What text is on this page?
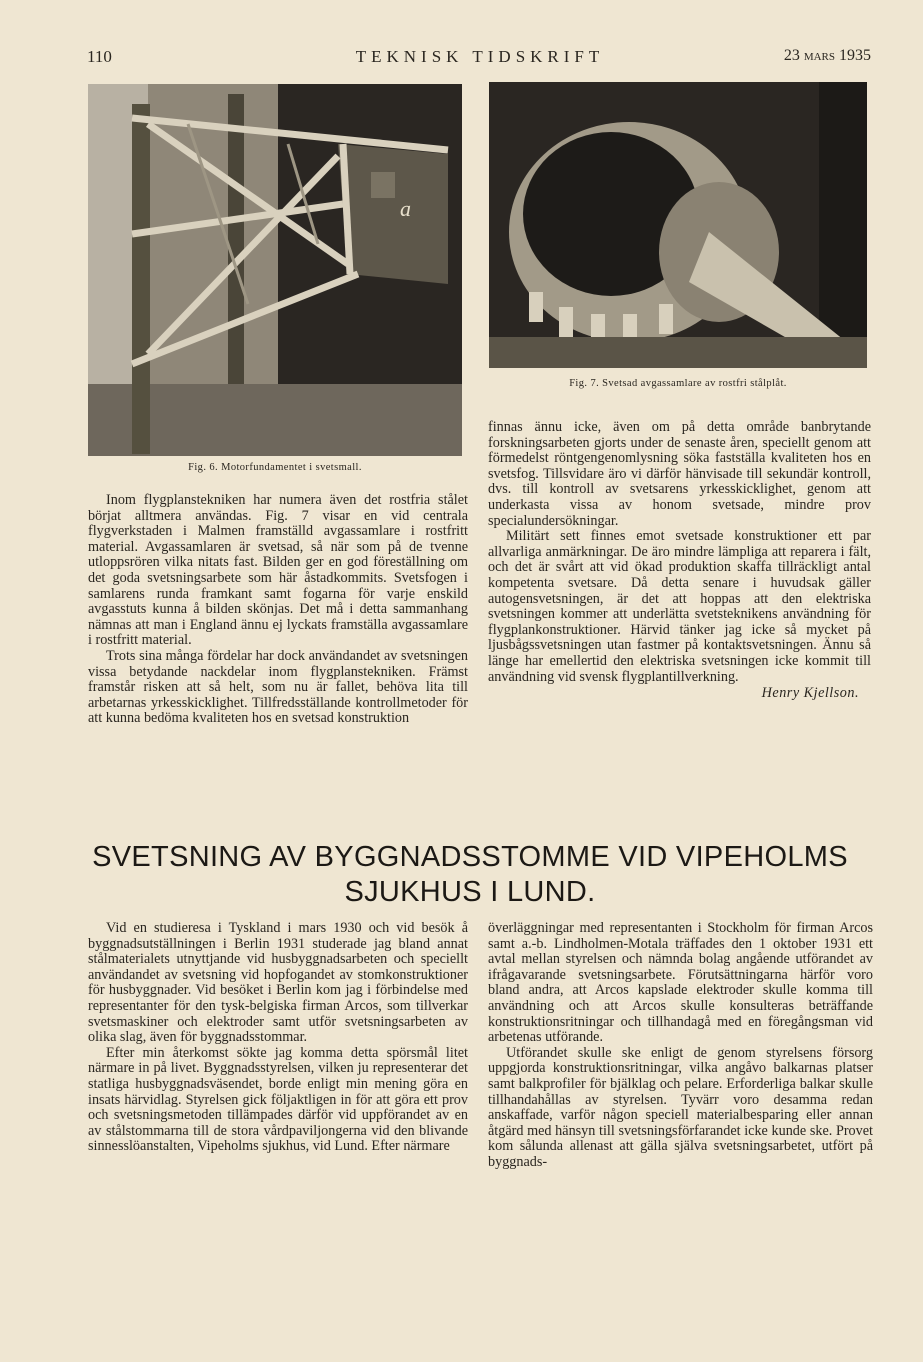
110	TEKNISK TIDSKRIFT	23 mars 1935
a
Fig. 6. Motorfundamentet i svetsmall.
Fig. 7. Svetsad avgassamlare av rostfri stålplåt.

Inom flygplanstekniken har numera även det rostfria stålet börjat alltmera användas. Fig. 7 visar en vid centrala flygverkstaden i Malmen framställd avgassamlare i rostfritt material. Avgassamlaren är svetsad, så när som på de tvenne utloppsrören vilka nitats fast. Bilden ger en god föreställning om det goda svetsningsarbete som här åstadkommits. Svetsfogen i samlarens runda framkant samt fogarna för varje enskild avgasstuts kunna å bilden skönjas. Det må i detta sammanhang nämnas att man i England ännu ej lyckats framställa avgassamlare i rostfritt material.

Trots sina många fördelar har dock användandet av svetsningen vissa betydande nackdelar inom flygplanstekniken. Främst framstår risken att så helt, som nu är fallet, behöva lita till arbetarnas yrkesskicklighet. Tillfredsställande kontrollmetoder för att kunna bedöma kvaliteten hos en svetsad konstruktion

finnas ännu icke, även om på detta område banbrytande forskningsarbeten gjorts under de senaste åren, speciellt genom att förmedelst röntgengenomlysning söka fastställa kvaliteten hos en svetsfog. Tillsvidare äro vi därför hänvisade till sekundär kontroll, dvs. till kontroll av svetsarens yrkesskicklighet, genom att underkasta vissa av honom svetsade, mindre prov specialundersökningar.

Militärt sett finnes emot svetsade konstruktioner ett par allvarliga anmärkningar. De äro mindre lämpliga att reparera i fält, och det är svårt att vid ökad produktion skaffa tillräckligt antal kompetenta svetsare. Då detta senare i huvudsak gäller autogensvetsningen, är det att hoppas att den elektriska svetsningen kommer att underlätta svetsteknikens användning för flygplankonstruktioner. Härvid tänker jag icke så mycket på ljusbågssvetsningen utan fastmer på kontaktsvetsningen. Ännu så länge har emellertid den elektriska svetsningen icke kommit till användning vid svensk flygplantillverkning.

Henry Kjellson.
SVETSNING AV BYGGNADSSTOMME VID VIPEHOLMS
SJUKHUS I LUND.

Vid en studieresa i Tyskland i mars 1930 och vid besök å byggnadsutställningen i Berlin 1931 studerade jag bland annat stålmaterialets utnyttjande vid husbyggnadsarbeten och speciellt användandet av svetsning vid hopfogandet av stomkonstruktioner för husbyggnader. Vid besöket i Berlin kom jag i förbindelse med representanter för den tysk-belgiska firman Arcos, som tillverkar svetsmaskiner och elektroder samt utför svetsningsarbeten av olika slag, även för byggnadsstommar.

Efter min återkomst sökte jag komma detta spörsmål litet närmare in på livet. Byggnadsstyrelsen, vilken ju representerar det statliga husbyggnadsväsendet, borde enligt min mening göra en insats härvidlag. Styrelsen gick följaktligen in för att göra ett prov och svetsningsmetoden tillämpades därför vid uppförandet av en av stålstommarna till de stora vårdpaviljongerna vid den blivande sinnesslöanstalten, Vipeholms sjukhus, vid Lund. Efter närmare

överläggningar med representanten i Stockholm för firman Arcos samt a.-b. Lindholmen-Motala träffades den 1 oktober 1931 ett avtal mellan styrelsen och nämnda bolag angående utförandet av ifrågavarande svetsningsarbete. Förutsättningarna härför voro bland andra, att Arcos kapslade elektroder skulle komma till användning och att Arcos skulle konsulteras beträffande konstruktionsritningar och tillhandagå med en föregångsman vid arbetenas utförande.

Utförandet skulle ske enligt de genom styrelsens försorg uppgjorda konstruktionsritningar, vilka angåvo balkarnas platser samt balkprofiler för bjälklag och pelare. Erforderliga balkar skulle tillhandahållas av styrelsen. Tyvärr voro desamma redan anskaffade, varför någon speciell materialbesparing eller annan åtgärd med hänsyn till svetsningsförfarandet icke kunde ske. Provet kom sålunda allenast att gälla själva svetsningsarbetet, utfört på byggnads-
